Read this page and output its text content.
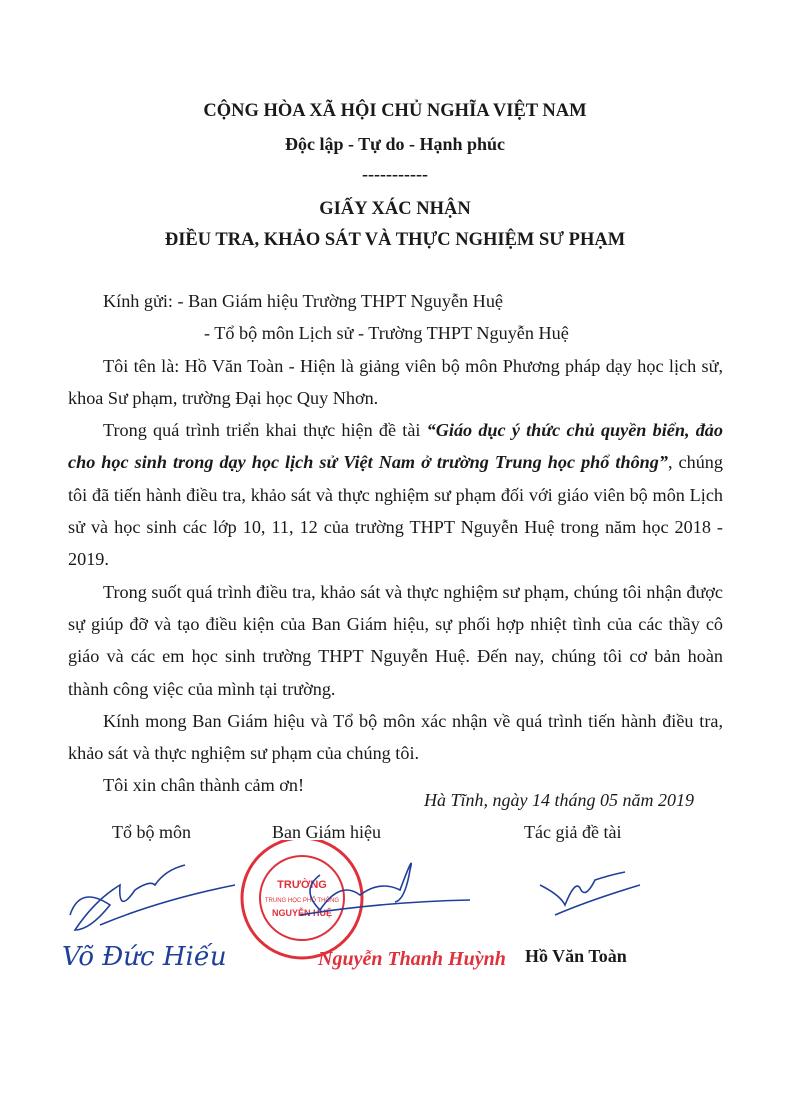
CỘNG HÒA XÃ HỘI CHỦ NGHĨA VIỆT NAM
Độc lập - Tự do - Hạnh phúc
-----------
GIẤY XÁC NHẬN
ĐIỀU TRA, KHẢO SÁT VÀ THỰC NGHIỆM SƯ PHẠM

Kính gửi: - Ban Giám hiệu Trường THPT Nguyễn Huệ

- Tổ bộ môn Lịch sử - Trường THPT Nguyễn Huệ

Tôi tên là: Hồ Văn Toàn - Hiện là giảng viên bộ môn Phương pháp dạy học lịch sử, khoa Sư phạm, trường Đại học Quy Nhơn.

Trong quá trình triển khai thực hiện đề tài “Giáo dục ý thức chủ quyền biển, đảo cho học sinh trong dạy học lịch sử Việt Nam ở trường Trung học phổ thông”, chúng tôi đã tiến hành điều tra, khảo sát và thực nghiệm sư phạm đối với giáo viên bộ môn Lịch sử và học sinh các lớp 10, 11, 12 của trường THPT Nguyễn Huệ trong năm học 2018 - 2019.

Trong suốt quá trình điều tra, khảo sát và thực nghiệm sư phạm, chúng tôi nhận được sự giúp đỡ và tạo điều kiện của Ban Giám hiệu, sự phối hợp nhiệt tình của các thầy cô giáo và các em học sinh trường THPT Nguyễn Huệ. Đến nay, chúng tôi cơ bản hoàn thành công việc của mình tại trường.

Kính mong Ban Giám hiệu và Tổ bộ môn xác nhận về quá trình tiến hành điều tra, khảo sát và thực nghiệm sư phạm của chúng tôi.

Tôi xin chân thành cảm ơn!

Hà Tĩnh, ngày 14 tháng 05 năm 2019
Tổ bộ môn	Ban Giám hiệu	Tác giả đề tài
TRƯỜNG
TRUNG HỌC PHỔ THÔNG
NGUYỄN HUỆ
Võ Đức Hiếu	Nguyễn Thanh Huỳnh Hồ Văn Toàn
